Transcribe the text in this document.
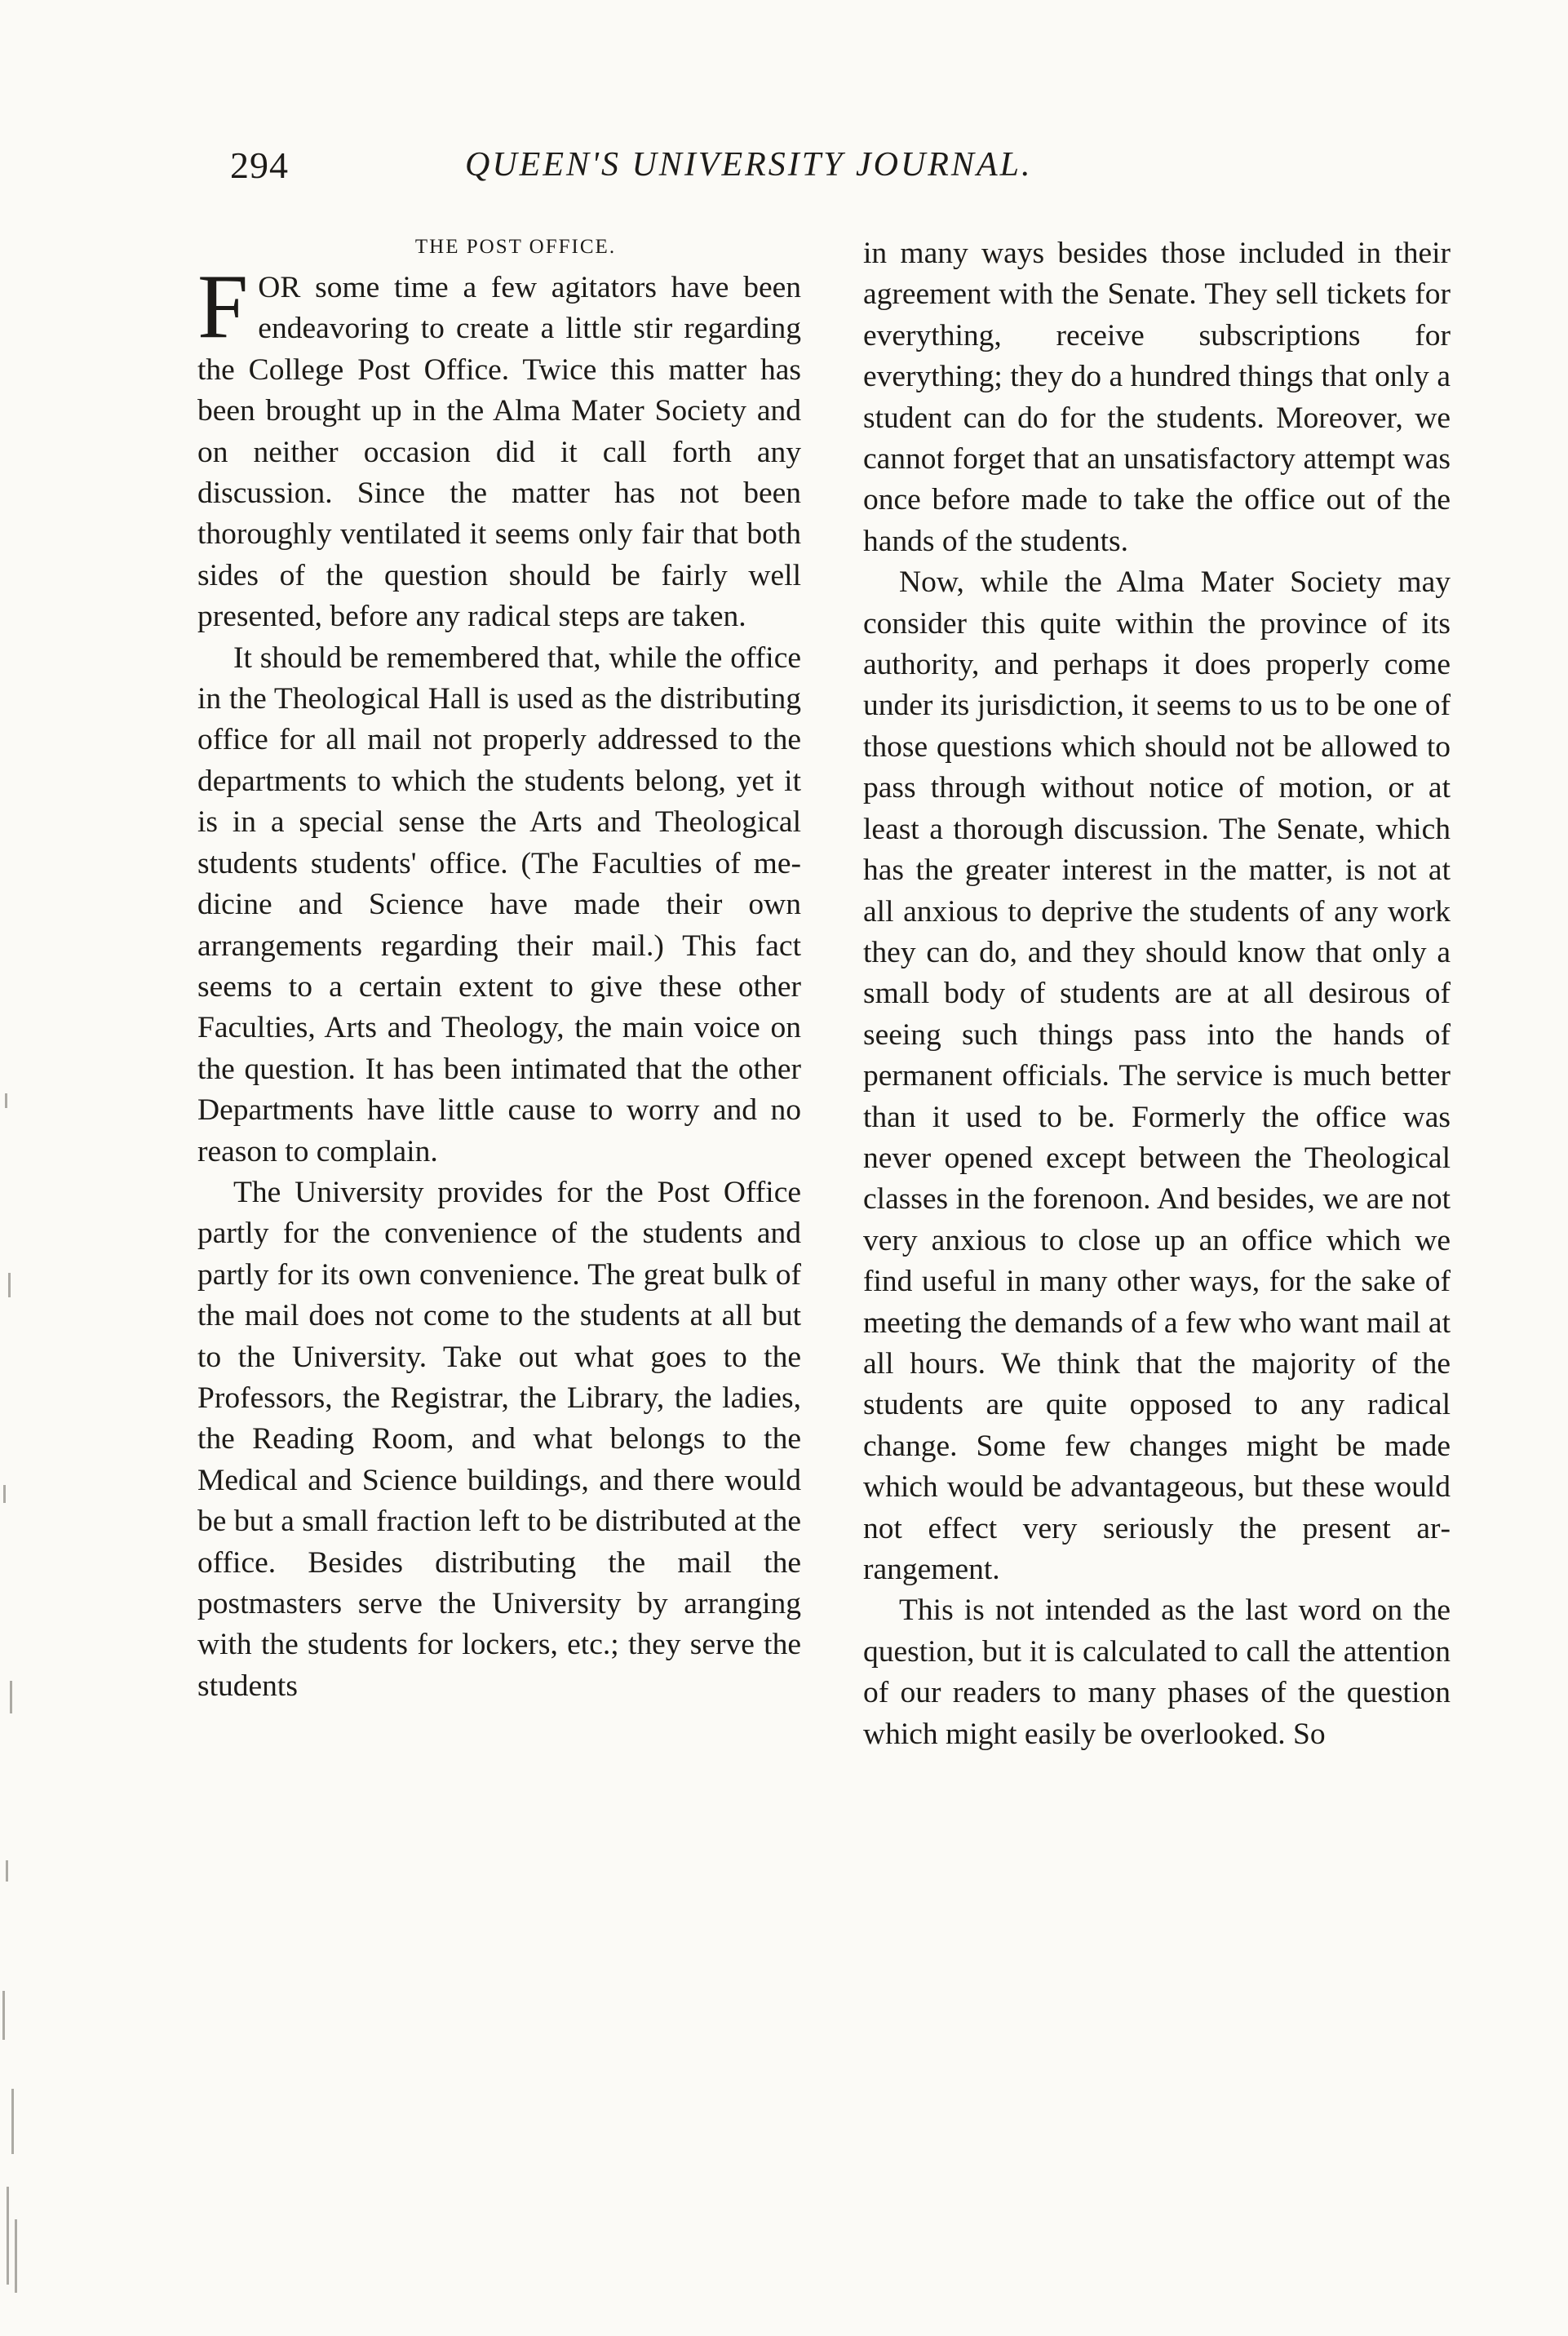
294	QUEEN'S UNIVERSITY JOURNAL.
THE POST OFFICE.

FOR some time a few agitators have been endeavoring to create a little stir regarding the College Post Office. Twice this matter has been brought up in the Alma Mater Society and on neither occasion did it call forth any discussion. Since the matter has not been thoroughly ventilated it seems only fair that both sides of the question should be fairly well presented, before any radical steps are taken.

It should be remembered that, while the office in the Theological Hall is used as the distributing office for all mail not properly addressed to the departments to which the students belong, yet it is in a special sense the Arts and Theological students students' office. (The Faculties of medicine and Science have made their own arrangements regarding their mail.) This fact seems to a certain extent to give these other Faculties, Arts and Theology, the main voice on the question. It has been intimated that the other Departments have little cause to worry and no reason to complain.

The University provides for the Post Office partly for the convenience of the students and partly for its own convenience. The great bulk of the mail does not come to the students at all but to the University. Take out what goes to the Professors, the Registrar, the Library, the ladies, the Reading Room, and what belongs to the Medical and Science buildings, and there would be but a small fraction left to be distributed at the office. Besides distributing the mail the postmasters serve the University by arranging with the students for lockers, etc.; they serve the students

in many ways besides those included in their agreement with the Senate. They sell tickets for everything, receive subscriptions for everything; they do a hundred things that only a student can do for the students. Moreover, we cannot forget that an unsatisfactory attempt was once before made to take the office out of the hands of the students.

Now, while the Alma Mater Society may consider this quite within the province of its authority, and perhaps it does properly come under its jurisdiction, it seems to us to be one of those questions which should not be allowed to pass through without notice of motion, or at least a thorough discussion. The Senate, which has the greater interest in the matter, is not at all anxious to deprive the students of any work they can do, and they should know that only a small body of students are at all desirous of seeing such things pass into the hands of permanent officials. The service is much better than it used to be. Formerly the office was never opened except between the Theological classes in the forenoon. And besides, we are not very anxious to close up an office which we find useful in many other ways, for the sake of meeting the demands of a few who want mail at all hours. We think that the majority of the students are quite opposed to any radical change. Some few changes might be made which would be advantageous, but these would not effect very seriously the present arrangement.

This is not intended as the last word on the question, but it is calculated to call the attention of our readers to many phases of the question which might easily be overlooked. So
